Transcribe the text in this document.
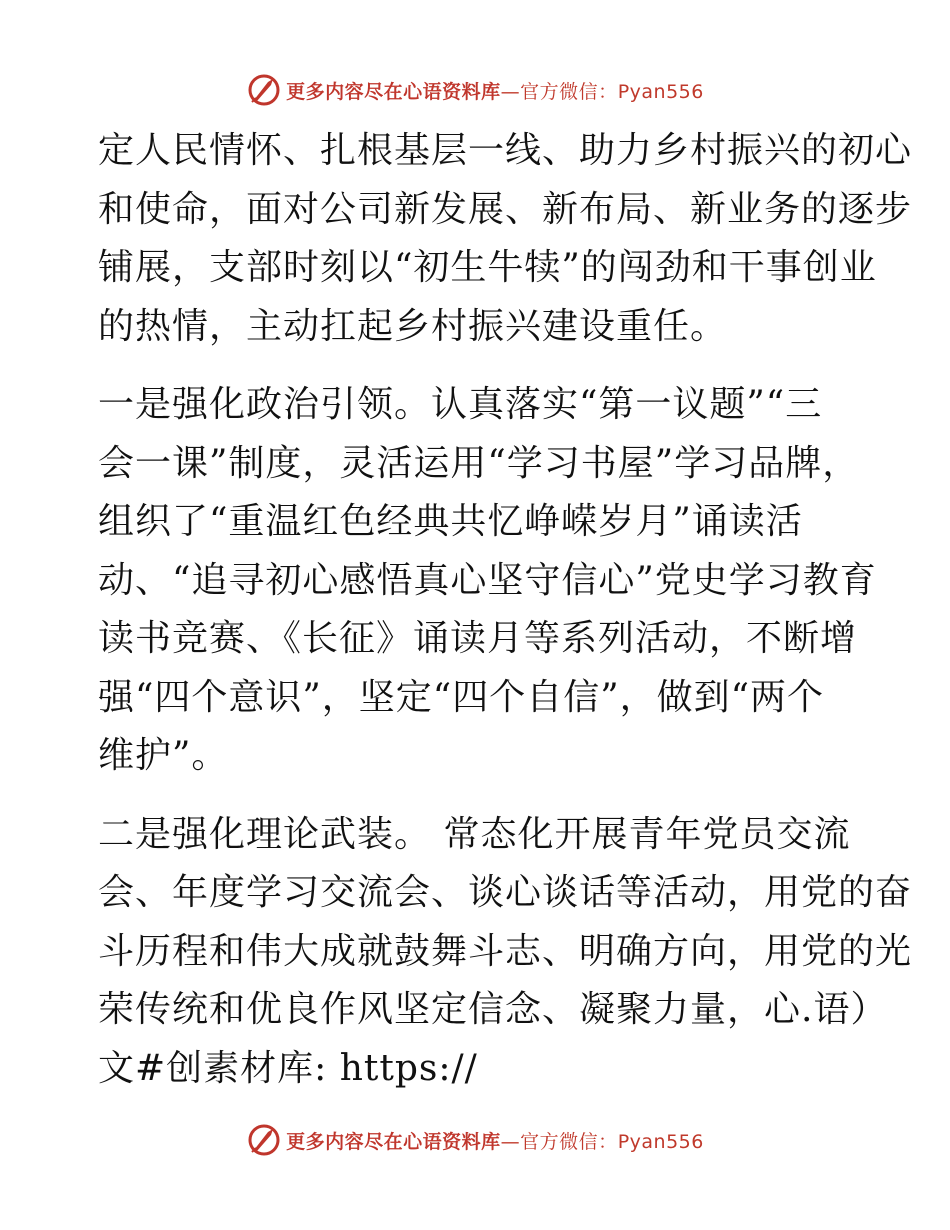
更多内容尽在心语资料库—官方微信：Pyan556
定人民情怀、扎根基层一线、助力乡村振兴的初心
和使命，面对公司新发展、新布局、新业务的逐步
铺展，支部时刻以“初生牛犊”的闯劲和干事创业
的热情，主动扛起乡村振兴建设重任。
一是强化政治引领。认真落实“第一议题”“三
会一课”制度，灵活运用“学习书屋”学习品牌，
组织了“重温红色经典共忆峥嵘岁月”诵读活
动、“追寻初心感悟真心坚守信心”党史学习教育
读书竞赛、《长征》诵读月等系列活动，不断增
强“四个意识”，坚定“四个自信”，做到“两个
维护”。
二是强化理论武装。 常态化开展青年党员交流
会、年度学习交流会、谈心谈话等活动，用党的奋
斗历程和伟大成就鼓舞斗志、明确方向，用党的光
荣传统和优良作风坚定信念、凝聚力量，心.语）
文#创素材库: https://
更多内容尽在心语资料库—官方微信：Pyan556
